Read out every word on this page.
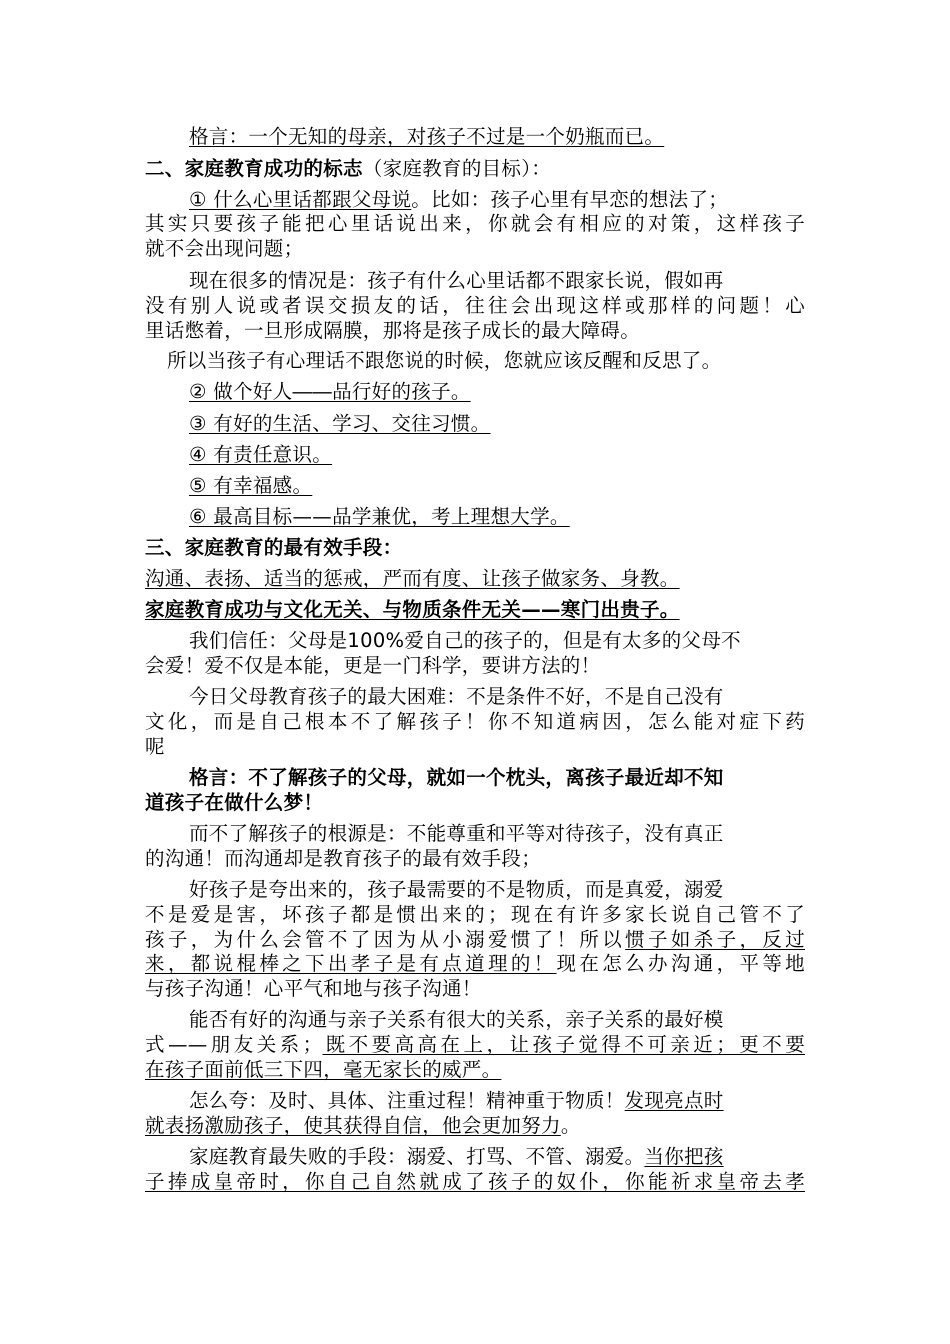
格言：一个无知的母亲，对孩子不过是一个奶瓶而已。
二、家庭教育成功的标志（家庭教育的目标）：
① 什么心里话都跟父母说。比如：孩子心里有早恋的想法了；
其实只要孩子能把心里话说出来，你就会有相应的对策，这样孩子
就不会出现问题；
现在很多的情况是：孩子有什么心里话都不跟家长说，假如再
没有别人说或者误交损友的话，往往会出现这样或那样的问题！心
里话憋着，一旦形成隔膜，那将是孩子成长的最大障碍。
所以当孩子有心理话不跟您说的时候，您就应该反醒和反思了。
② 做个好人――品行好的孩子。
③ 有好的生活、学习、交往习惯。
④ 有责任意识。
⑤ 有幸福感。
⑥ 最高目标——品学兼优，考上理想大学。
三、家庭教育的最有效手段：
沟通、表扬、适当的惩戒，严而有度、让孩子做家务、身教。
家庭教育成功与文化无关、与物质条件无关——寒门出贵子。
我们信任：父母是100%爱自己的孩子的，但是有太多的父母不
会爱！爱不仅是本能，更是一门科学，要讲方法的！
今日父母教育孩子的最大困难：不是条件不好，不是自己没有
文化，而是自己根本不了解孩子！你不知道病因，怎么能对症下药
呢
格言：不了解孩子的父母，就如一个枕头，离孩子最近却不知
道孩子在做什么梦！
而不了解孩子的根源是：不能尊重和平等对待孩子，没有真正
的沟通！而沟通却是教育孩子的最有效手段；
好孩子是夸出来的，孩子最需要的不是物质，而是真爱，溺爱
不是爱是害，坏孩子都是惯出来的；现在有许多家长说自己管不了
孩子，为什么会管不了因为从小溺爱惯了！所以惯子如杀子，反过
来，都说棍棒之下出孝子是有点道理的！现在怎么办沟通，平等地
与孩子沟通！心平气和地与孩子沟通！
能否有好的沟通与亲子关系有很大的关系，亲子关系的最好模
式——朋友关系；既不要高高在上，让孩子觉得不可亲近；更不要
在孩子面前低三下四，毫无家长的威严。
怎么夸：及时、具体、注重过程！精神重于物质！发现亮点时
就表扬激励孩子，使其获得自信，他会更加努力。
家庭教育最失败的手段：溺爱、打骂、不管、溺爱。当你把孩
子捧成皇帝时，你自己自然就成了孩子的奴仆，你能祈求皇帝去孝
